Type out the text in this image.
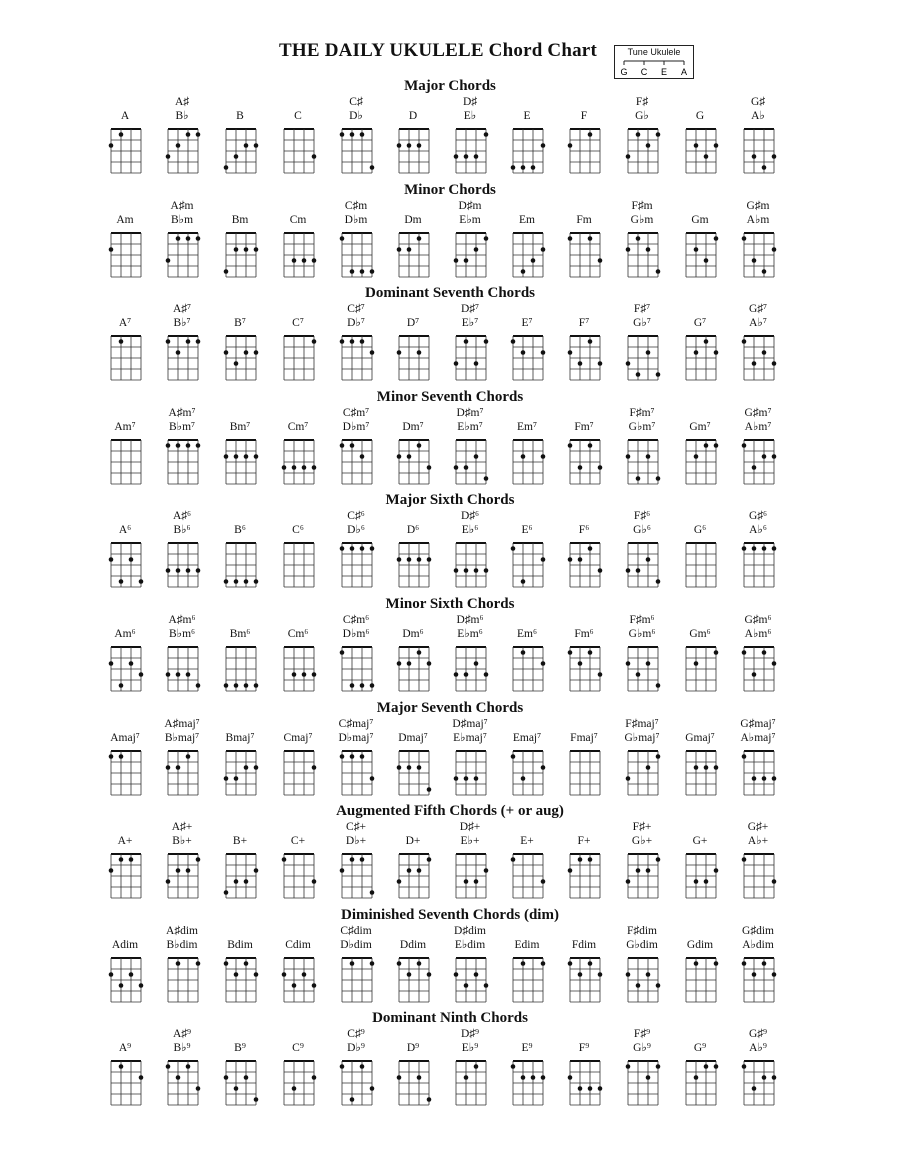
THE DAILY UKULELE Chord Chart	Tune Ukulele
G C E A
Major Chords
A
A♯
B♭	B	C
C♯
D♭	D
D♯
E♭	E	F
F♯
G♭	G
G♯
A♭
Minor Chords
Am
A♯m
B♭m	Bm	Cm
C♯m
D♭m	Dm
D♯m
E♭m	Em	Fm
F♯m
G♭m	Gm
G♯m
A♭m
Dominant Seventh Chords
A⁷
A♯⁷
B♭⁷	B⁷	C⁷
C♯⁷
D♭⁷	D⁷
D♯⁷
E♭⁷	E⁷	F⁷
F♯⁷
G♭⁷	G⁷
G♯⁷
A♭⁷
Minor Seventh Chords
Am⁷
A♯m⁷
B♭m⁷	Bm⁷	Cm⁷
C♯m⁷
D♭m⁷	Dm⁷
D♯m⁷
E♭m⁷	Em⁷	Fm⁷
F♯m⁷
G♭m⁷	Gm⁷
G♯m⁷
A♭m⁷
Major Sixth Chords
A⁶
A♯⁶
B♭⁶	B⁶	C⁶
C♯⁶
D♭⁶	D⁶
D♯⁶
E♭⁶	E⁶	F⁶
F♯⁶
G♭⁶	G⁶
G♯⁶
A♭⁶
Minor Sixth Chords
Am⁶
A♯m⁶
B♭m⁶	Bm⁶	Cm⁶
C♯m⁶
D♭m⁶	Dm⁶
D♯m⁶
E♭m⁶	Em⁶	Fm⁶
F♯m⁶
G♭m⁶	Gm⁶
G♯m⁶
A♭m⁶
Major Seventh Chords
Amaj⁷
A♯maj⁷
B♭maj⁷	Bmaj⁷	Cmaj⁷
C♯maj⁷
D♭maj⁷	Dmaj⁷
D♯maj⁷
E♭maj⁷	Emaj⁷	Fmaj⁷
F♯maj⁷
G♭maj⁷	Gmaj⁷
G♯maj⁷
A♭maj⁷
Augmented Fifth Chords (+ or aug)
A+
A♯+
B♭+	B+	C+
C♯+
D♭+	D+
D♯+
E♭+	E+	F+
F♯+
G♭+	G+
G♯+
A♭+
Diminished Seventh Chords (dim)
Adim
A♯dim
B♭dim	Bdim	Cdim
C♯dim
D♭dim	Ddim
D♯dim
E♭dim	Edim	Fdim
F♯dim
G♭dim	Gdim
G♯dim
A♭dim
Dominant Ninth Chords
A⁹
A♯⁹
B♭⁹	B⁹	C⁹
C♯⁹
D♭⁹	D⁹
D♯⁹
E♭⁹	E⁹	F⁹
F♯⁹
G♭⁹	G⁹
G♯⁹
A♭⁹
